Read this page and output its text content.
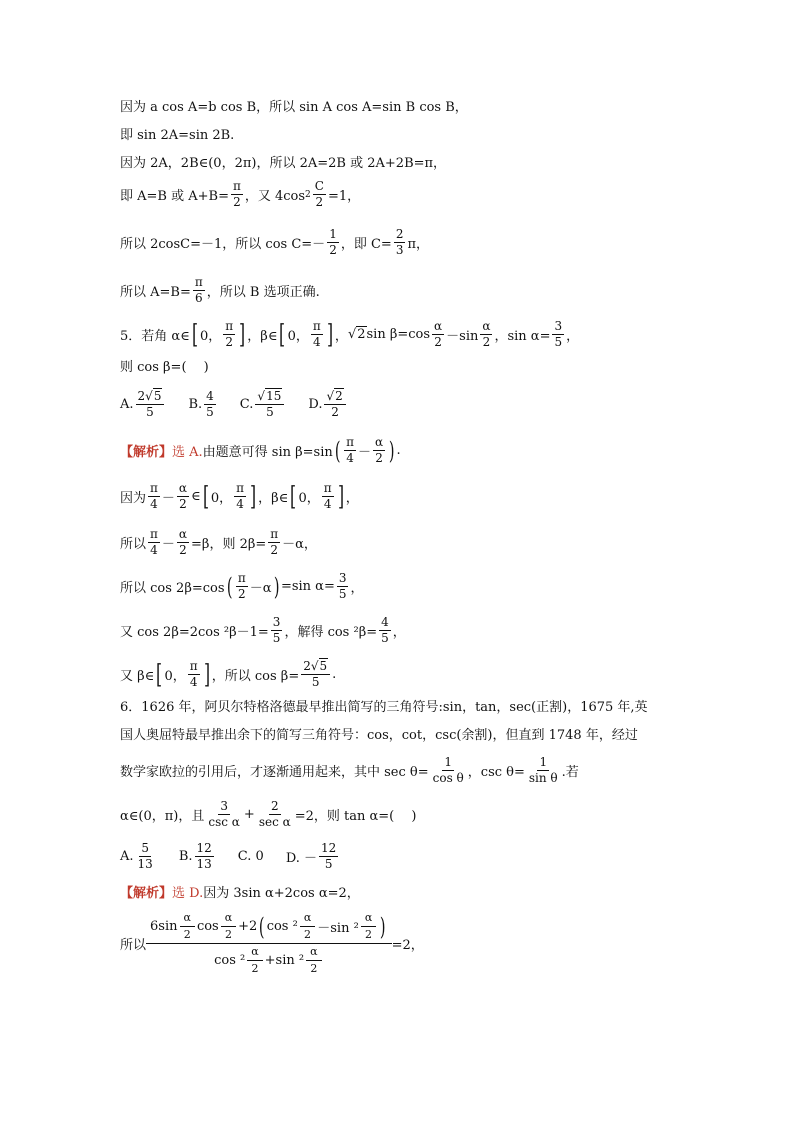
因为 a cos A=b cos B，所以 sin A cos A=sin B cos B，
即 sin 2A=sin 2B.
因为 2A，2B∈(0，2π)，所以 2A=2B 或 2A+2B=π，
即 A=B 或 $A+B= \frac{\pi}{2}$ ，又 4cos $2 \frac{C}{2} =1$，
所以 2cosC=－1，所以 $\cos C=- \frac{1}{2}$ ，即 $C= \frac{2}{3}$ π，
所以 $A=B= \frac{\pi}{6}$ ，所以 B 选项正确.
5．若角 α∈ [ 0， $\frac{\pi}{2}$ ] ，β∈ [ 0， $\frac{\pi}{4}$ ] ， √2 $\sin \beta=\cos \frac{\alpha}{2} -\sin \frac{\alpha}{2}$ ，$\sin \alpha= \frac{3}{5}$ ，
则 cos β=(　 )
A. $\frac{2√5}{5} B$. $\frac{4}{5} C$. $\frac{√15}{5} D$. $\frac{√2}{2}$
【解析】 选 A. 由题意可得 sin β=sin ( $\frac{\pi}{4} - \frac{\alpha}{2}$ ) .
因为 $\frac{\pi}{4} - \frac{\alpha}{2}$ ∈ [ 0， $\frac{\pi}{4}$ ] ，β∈ [ 0， $\frac{\pi}{4}$ ] ，
所以 $\frac{\pi}{4} - \frac{\alpha}{2} =\beta$，则 $2\beta= \frac{\pi}{2} -\alpha$，
所以 cos 2β=cos ( $\frac{\pi}{2} -\alpha$ ) =sin $\alpha= \frac{3}{5}$ ，
又 cos 2β=2cos $^2\beta-1= \frac{3}{5}$ ，解得 $\cos ^2\beta= \frac{4}{5}$ ，
又 β∈ [ 0， $\frac{\pi}{4}$ ] ，所以 $\cos \beta= \frac{2√5}{5}$ .
6．1626 年，阿贝尔特格洛德最早推出简写的三角符号:sin，tan，sec(正割)，1675 年,英
国人奥屈特最早推出余下的简写三角符号：cos，cot，csc(余割)，但直到 1748 年，经过
数学家欧拉的引用后，才逐渐通用起来，其中 $\sec \theta= \frac{1}{\text{cos θ}}$ ，$\csc \theta= \frac{1}{\text{sin θ}}$ .若
α∈(0，π)，且 $\frac{3}{\text{csc α}} + \frac{2}{\text{sec α}} =2$，则 tan α=(　 )
A. $\frac{5}{13} B$. $\frac{12}{13} C$. 0 D. － $\frac{12}{5}$
【解析】 选 D. 因为 3sin α+2cos α=2，
所以
$6\sin \frac{\alpha}{2}$ $\cos \frac{\alpha}{2} +2$ ( $\cos ^2 \frac{\alpha}{2} -\sin$ $^2 \frac{\alpha}{2}$ )
$\cos ^2 \frac{\alpha}{2} +\sin$ $^2 \frac{\alpha}{2}$
=2，
